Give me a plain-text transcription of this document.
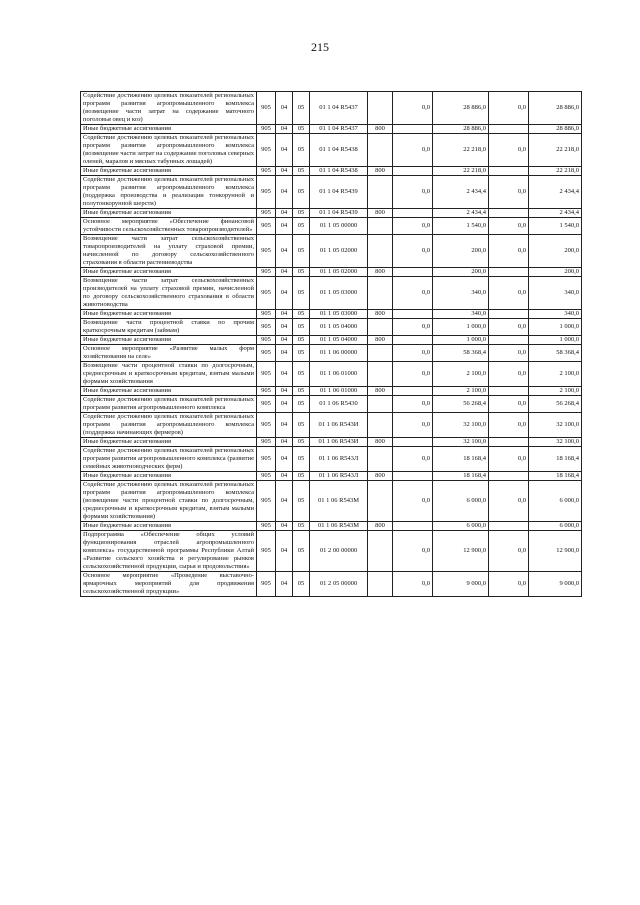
215
Содействие достижению целевых показателей региональных программ развития агропромышленного комплекса (возмещение части затрат на содержание маточного поголовья овец и коз)	905	04	05	01 1 04 R5437		0,0	28 886,0	0,0	28 886,0
Иные бюджетные ассигнования	905	04	05	01 1 04 R5437	800		28 886,0		28 886,0
Содействие достижению целевых показателей региональных программ развития агропромышленного комплекса (возмещение части затрат на содержание поголовья северных оленей, маралов и мясных табунных лошадей)	905	04	05	01 1 04 R5438		0,0	22 218,0	0,0	22 218,0
Иные бюджетные ассигнования	905	04	05	01 1 04 R5438	800		22 218,0		22 218,0
Содействие достижению целевых показателей региональных программ развития агропромышленного комплекса (поддержка производства и реализации тонкорунной и полутонкорунной шерсти)	905	04	05	01 1 04 R5439		0,0	2 434,4	0,0	2 434,4
Иные бюджетные ассигнования	905	04	05	01 1 04 R5439	800		2 434,4		2 434,4
Основное мероприятие «Обеспечение финансовой устойчивости сельскохозяйственных товаропроизводителей»	905	04	05	01 1 05 00000		0,0	1 540,0	0,0	1 540,0
Возмещение части затрат сельскохозяйственных товаропроизводителей на уплату страховой премии, начисленной по договору сельскохозяйственного страхования в области растениеводства	905	04	05	01 1 05 02000		0,0	200,0	0,0	200,0
Иные бюджетные ассигнования	905	04	05	01 1 05 02000	800		200,0		200,0
Возмещение части затрат сельскохозяйственных производителей на уплату страховой премии, начисленной по договору сельскохозяйственного страхования в области животноводства	905	04	05	01 1 05 03000		0,0	340,0	0,0	340,0
Иные бюджетные ассигнования	905	04	05	01 1 05 03000	800		340,0		340,0
Возмещение части процентной ставки по прочим краткосрочным кредитам (займам)	905	04	05	01 1 05 04000		0,0	1 000,0	0,0	1 000,0
Иные бюджетные ассигнования	905	04	05	01 1 05 04000	800		1 000,0		1 000,0
Основное мероприятие «Развитие малых форм хозяйствования на селе»	905	04	05	01 1 06 00000		0,0	58 368,4	0,0	58 368,4
Возмещение части процентной ставки по долгосрочным, среднесрочным и краткосрочным кредитам, взятым малыми формами хозяйствования	905	04	05	01 1 06 01000		0,0	2 100,0	0,0	2 100,0
Иные бюджетные ассигнования	905	04	05	01 1 06 01000	800		2 100,0		2 100,0
Содействие достижению целевых показателей региональных программ развития агропромышленного комплекса	905	04	05	01 1 06 R5430		0,0	56 268,4	0,0	56 268,4
Содействие достижению целевых показателей региональных программ развития агропромышленного комплекса (поддержка начинающих фермеров)	905	04	05	01 1 06 R543И		0,0	32 100,0	0,0	32 100,0
Иные бюджетные ассигнования	905	04	05	01 1 06 R543И	800		32 100,0		32 100,0
Содействие достижению целевых показателей региональных программ развития агропромышленного комплекса (развитие семейных животноводческих ферм)	905	04	05	01 1 06 R543Л		0,0	18 168,4	0,0	18 168,4
Иные бюджетные ассигнования	905	04	05	01 1 06 R543Л	800		18 168,4		18 168,4
Содействие достижению целевых показателей региональных программ развития агропромышленного комплекса (возмещение части процентной ставки по долгосрочным, среднесрочным и краткосрочным кредитам, взятым малыми формами хозяйствования)	905	04	05	01 1 06 R543М		0,0	6 000,0	0,0	6 000,0
Иные бюджетные ассигнования	905	04	05	01 1 06 R543М	800		6 000,0		6 000,0
Подпрограмма «Обеспечение общих условий функционирования отраслей агропромышленного комплекса» государственной программы Республики Алтай «Развитие сельского хозяйства и регулирование рынков сельскохозяйственной продукции, сырья и продовольствия»	905	04	05	01 2 00 00000		0,0	12 900,0	0,0	12 900,0
Основное мероприятие «Проведение выставочно-ярмарочных мероприятий для продвижения сельскохозяйственной продукции»	905	04	05	01 2 05 00000		0,0	9 000,0	0,0	9 000,0
